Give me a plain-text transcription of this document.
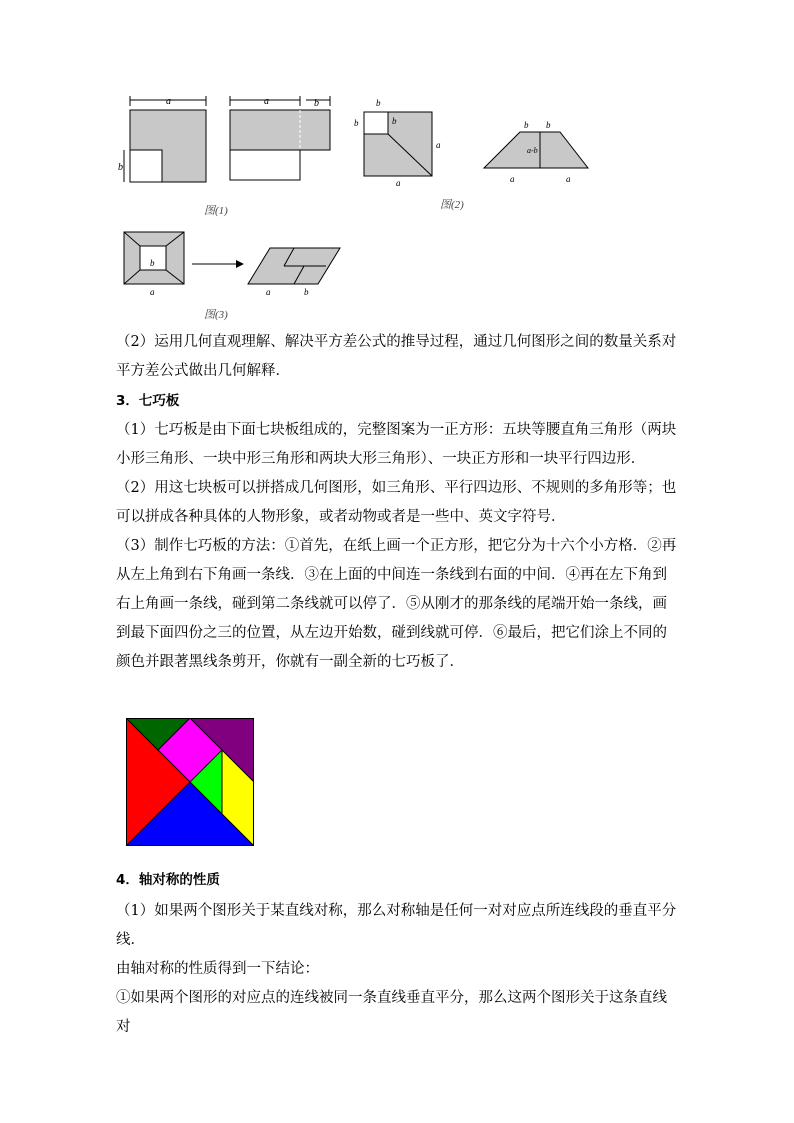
a
b
a	b
图(1)
b
b
b
a
a
b b
a-b
a	a
图(2)
b
a	a	b
图(3)

（2）运用几何直观理解、解决平方差公式的推导过程，通过几何图形之间的数量关系对平方差公式做出几何解释．

3．七巧板

（1）七巧板是由下面七块板组成的，完整图案为一正方形：五块等腰直角三角形（两块小形三角形、一块中形三角形和两块大形三角形）、一块正方形和一块平行四边形．

（2）用这七块板可以拼搭成几何图形，如三角形、平行四边形、不规则的多角形等；也可以拼成各种具体的人物形象，或者动物或者是一些中、英文字符号．

（3）制作七巧板的方法：①首先，在纸上画一个正方形，把它分为十六个小方格．②再从左上角到右下角画一条线．③在上面的中间连一条线到右面的中间．④再在左下角到右上角画一条线，碰到第二条线就可以停了．⑤从刚才的那条线的尾端开始一条线，画到最下面四份之三的位置，从左边开始数，碰到线就可停．⑥最后，把它们涂上不同的颜色并跟著黑线条剪开，你就有一副全新的七巧板了．

4．轴对称的性质

（1）如果两个图形关于某直线对称，那么对称轴是任何一对对应点所连线段的垂直平分线．

由轴对称的性质得到一下结论：

①如果两个图形的对应点的连线被同一条直线垂直平分，那么这两个图形关于这条直线对
